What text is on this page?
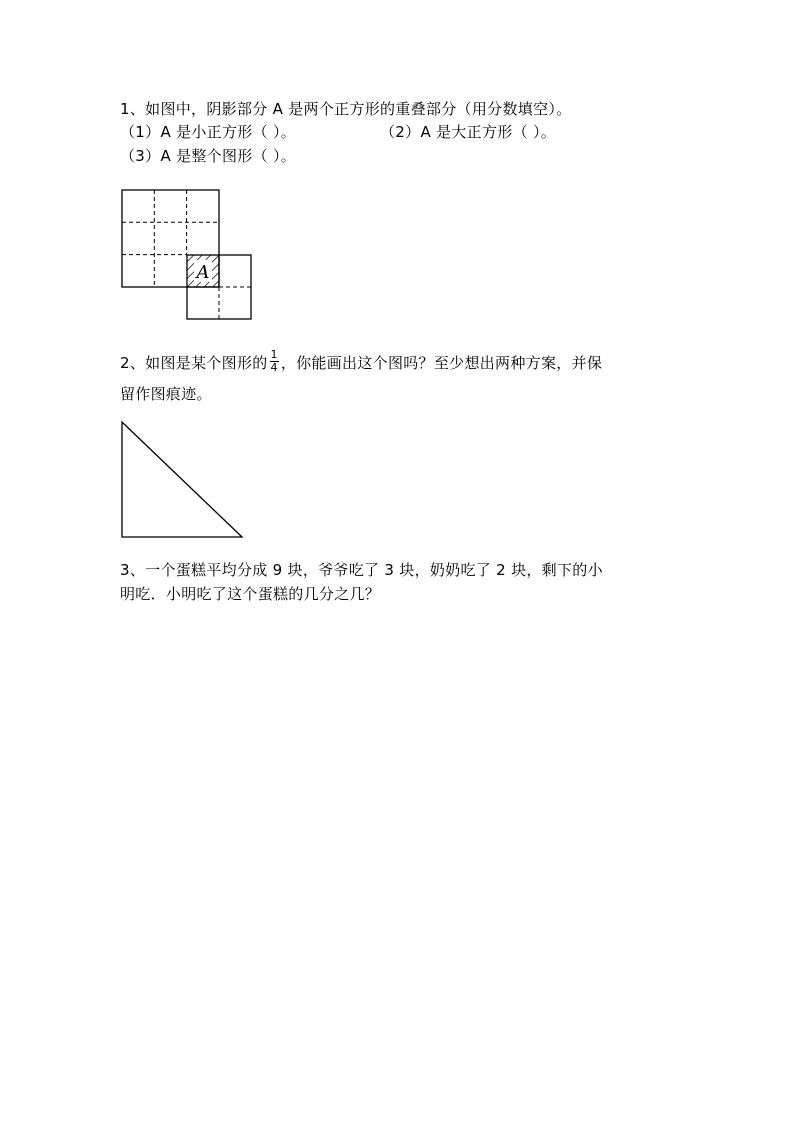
1、如图中，阴影部分 A 是两个正方形的重叠部分（用分数填空）。
（1）A 是小正方形（ ）。	（2）A 是大正方形（ ）。
（3）A 是整个图形（ ）。
A
2、如图是某个图形的 $\frac{1}{4}$ ，你能画出这个图吗？至少想出两种方案，并保
留作图痕迹。
3、一个蛋糕平均分成 9 块，爷爷吃了 3 块，奶奶吃了 2 块，剩下的小
明吃．小明吃了这个蛋糕的几分之几？
